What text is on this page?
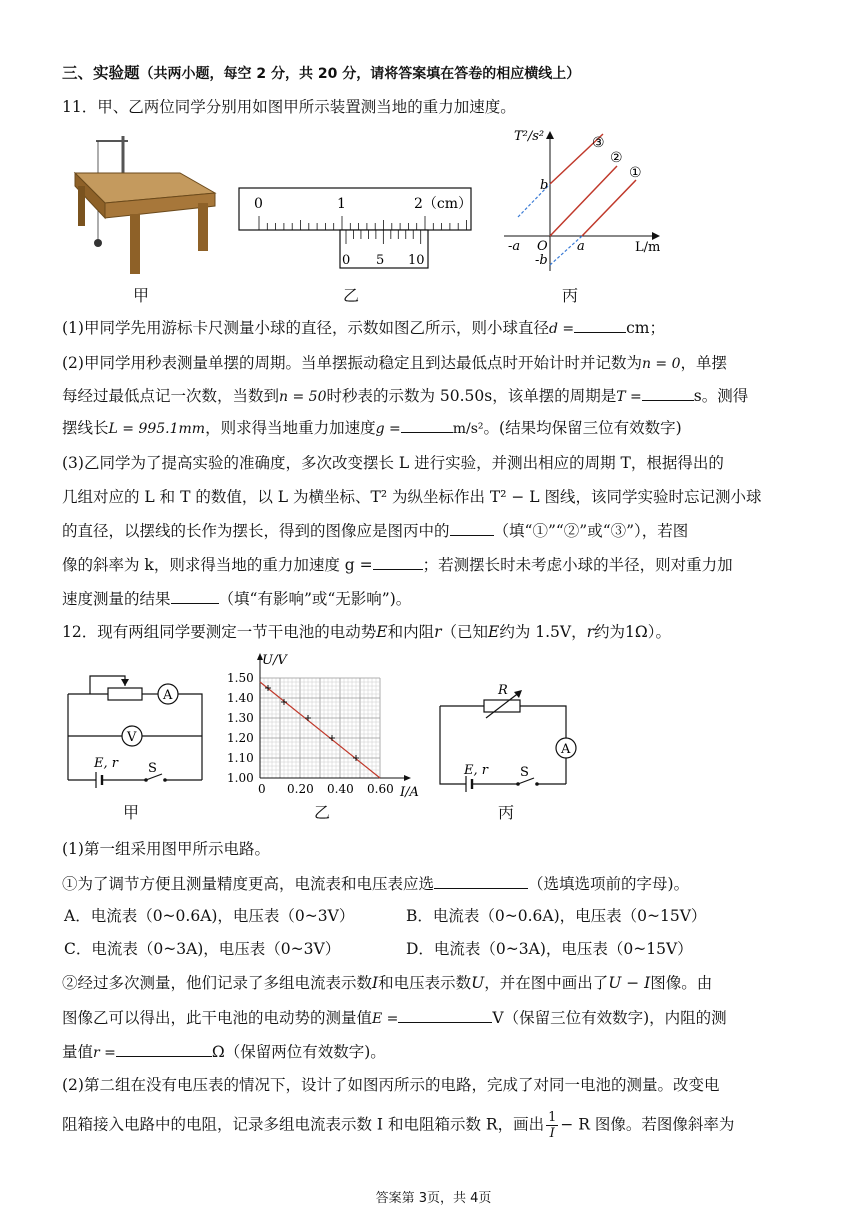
三、实验题（共两小题，每空 2 分，共 20 分，请将答案填在答卷的相应横线上）
11．甲、乙两位同学分别用如图甲所示装置测当地的重力加速度。
甲
0	1	2（cm）
0 5 10
乙
T²/s²
L/m
O
b
-b
a
-a
③
②
①
丙
(1)甲同学先用游标卡尺测量小球的直径，示数如图乙所示，则小球直径d =	cm；
(2)甲同学用秒表测量单摆的周期。当单摆振动稳定且到达最低点时开始计时并记数为n = 0，单摆
每经过最低点记一次数，当数到n = 50时秒表的示数为 50.50s，该单摆的周期是T =	s。测得
摆线长L = 995.1mm，则求得当地重力加速度g =	m/s²。(结果均保留三位有效数字)
(3)乙同学为了提高实验的准确度，多次改变摆长 L 进行实验，并测出相应的周期 T，根据得出的
几组对应的 L 和 T 的数值，以 L 为横坐标、T² 为纵坐标作出 T² − L 图线，该同学实验时忘记测小球
的直径，以摆线的长作为摆长，得到的图像应是图丙中的	（填“①”“②”或“③”），若图
像的斜率为 k，则求得当地的重力加速度 g =	；若测摆长时未考虑小球的半径，则对重力加
速度测量的结果	（填“有影响”或“无影响”)。
12．现有两组同学要测定一节干电池的电动势E和内阻r（已知E约为 1.5V，r约为1Ω）。
A
V
E, r S
甲
U/V
I/A
1.50
1.40
1.30
1.20
1.10
1.00
0 0.20 0.40 0.60
乙
R
A
E, r S
丙
(1)第一组采用图甲所示电路。
①为了调节方便且测量精度更高，电流表和电压表应选	（选填选项前的字母)。
A．电流表（0~0.6A)，电压表（0~3V）	B．电流表（0~0.6A)，电压表（0~15V）
C．电流表（0~3A)，电压表（0~3V）	D．电流表（0~3A)，电压表（0~15V）
②经过多次测量，他们记录了多组电流表示数I和电压表示数U，并在图中画出了U − I图像。由
图像乙可以得出，此干电池的电动势的测量值E =	V（保留三位有效数字)，内阻的测
量值r =	Ω（保留两位有效数字)。
(2)第二组在没有电压表的情况下，设计了如图丙所示的电路，完成了对同一电池的测量。改变电
阻箱接入电路中的电阻，记录多组电流表示数 I 和电阻箱示数 R，画出 $\frac{1}{I} - R$ 图像。若图像斜率为
答案第 3页，共 4页
